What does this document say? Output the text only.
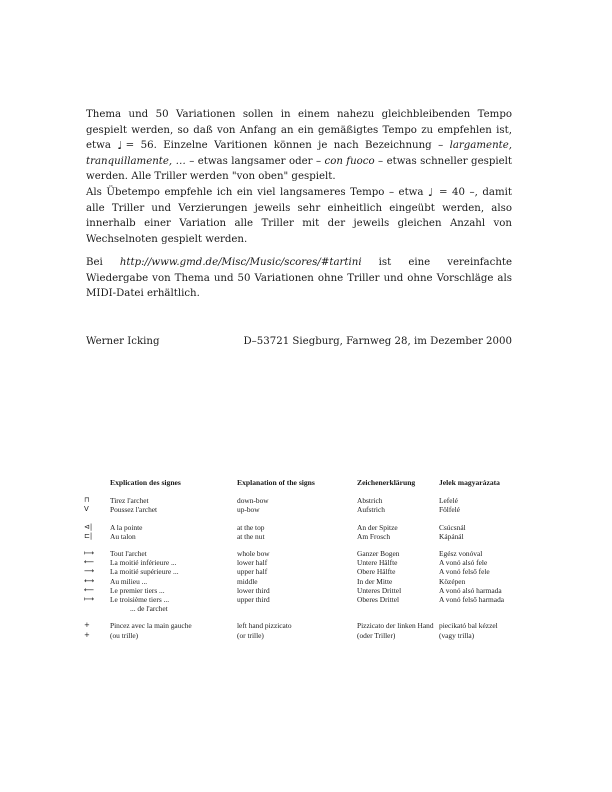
Thema und 50 Variationen sollen in einem nahezu gleichbleibenden Tempo gespielt werden, so daß von Anfang an ein gemäßigtes Tempo zu empfehlen ist, etwa ♩= 56. Einzelne Varitionen können je nach Bezeichnung – largamente, tranquillamente, … – etwas langsamer oder – con fuoco – etwas schneller gespielt werden. Alle Triller werden "von oben" gespielt.

Als Übetempo empfehle ich ein viel langsameres Tempo – etwa ♩ = 40 –, damit alle Triller und Verzierungen jeweils sehr einheitlich eingeübt werden, also innerhalb einer Variation alle Triller mit der jeweils gleichen Anzahl von Wechselnoten gespielt werden.

Bei http://www.gmd.de/Misc/Music/scores/#tartini ist eine vereinfachte Wiedergabe von Thema und 50 Variationen ohne Triller und ohne Vorschläge als MIDI-Datei erhältlich.

Werner Icking	D–53721 Siegburg, Farnweg 28, im Dezember 2000
	Explication des signes	Explanation of the signs	Zeichenerklärung	Jelek magyarázata
⊓	Tirez l'archet	down-bow	Abstrich	Lefelé
V	Poussez l'archet	up-bow	Aufstrich	Fölfelé

⊲|	A la pointe	at the top	An der Spitze	Csúcsnál
⊏|	Au talon	at the nut	Am Frosch	Kápánál

⟼	Tout l'archet	whole bow	Ganzer Bogen	Egész vonóval
⟵	La moitié inférieure ...	lower half	Untere Hälfte	A vonó alsó fele
⟶	La moitié supérieure ...	upper half	Obere Hälfte	A vonó felső fele
⟷	Au milieu ...	middle	In der Mitte	Középen
⟵	Le premier tiers ...	lower third	Unteres Drittel	A vonó alsó harmada
⟼	Le troisième tiers ...	upper third	Oberes Drittel	A vonó felső harmada
	... de l'archet			

+	Pincez avec la main gauche	left hand pizzicato	Pizzicato der linken Hand	piecikató bal kézzel
+	(ou trille)	(or trille)	(oder Triller)	(vagy trilla)
